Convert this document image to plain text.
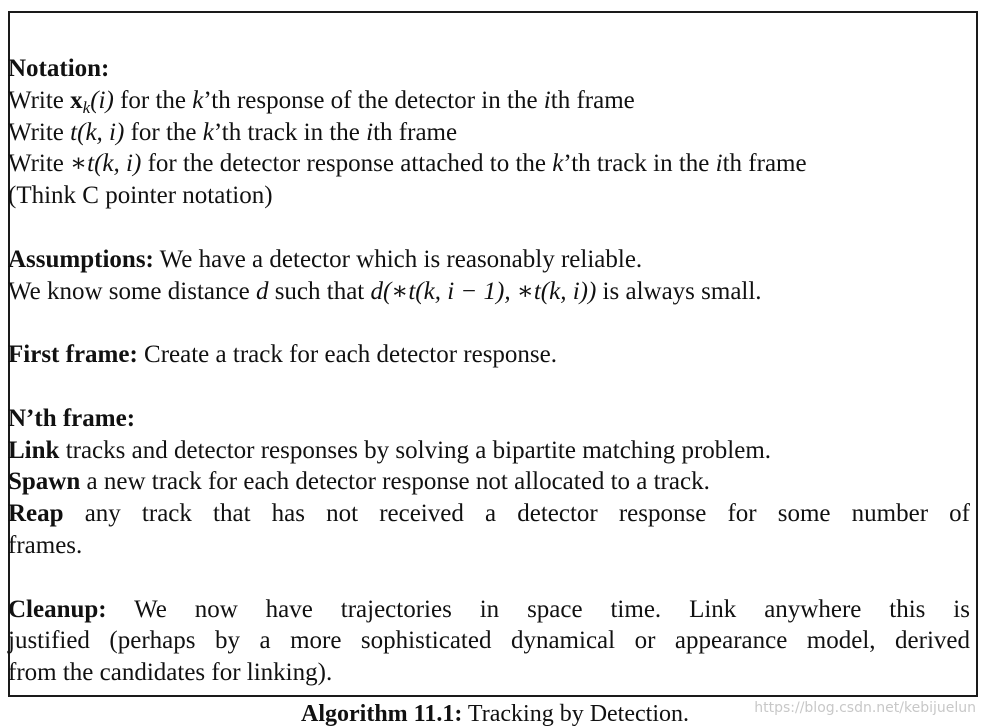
Notation:
Write $x_k(i)$ for the k’th response of the detector in the ith frame
Write t(k, i) for the k’th track in the ith frame
Write ∗t(k, i) for the detector response attached to the k’th track in the ith frame
(Think C pointer notation)
Assumptions: We have a detector which is reasonably reliable.
We know some distance d such that d(∗t(k, i − 1), ∗t(k, i)) is always small.
First frame: Create a track for each detector response.
N’th frame:
Link tracks and detector responses by solving a bipartite matching problem.
Spawn a new track for each detector response not allocated to a track.
Reap any track that has not received a detector response for some number of
frames.
Cleanup: We now have trajectories in space time. Link anywhere this is
justified (perhaps by a more sophisticated dynamical or appearance model, derived
from the candidates for linking).
Algorithm 11.1: Tracking by Detection.	https://blog.csdn.net/kebijuelun
